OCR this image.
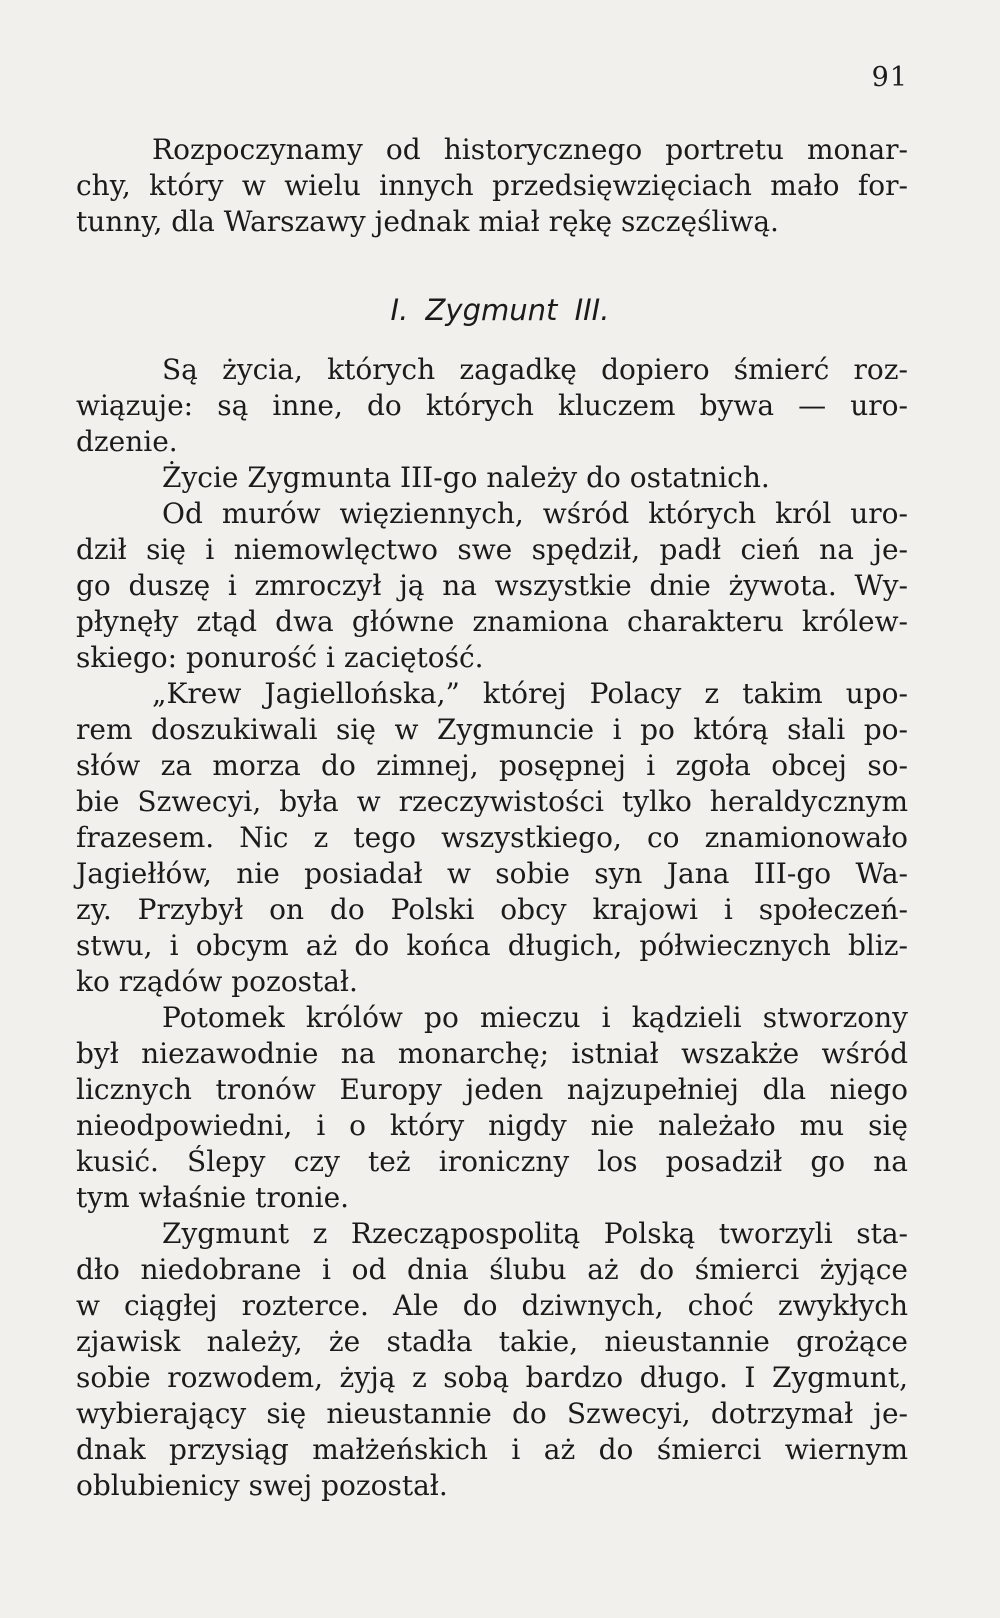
91
Rozpoczynamy od historycznego portretu monar-
chy, który w wielu innych przedsięwzięciach mało for-
tunny, dla Warszawy jednak miał rękę szczęśliwą.
I. Zygmunt III.
Są życia, których zagadkę dopiero śmierć roz-
wiązuje: są inne, do których kluczem bywa — uro-
dzenie.
Życie Zygmunta III-go należy do ostatnich.
Od murów więziennych, wśród których król uro-
dził się i niemowlęctwo swe spędził, padł cień na je-
go duszę i zmroczył ją na wszystkie dnie żywota. Wy-
płynęły ztąd dwa główne znamiona charakteru królew-
skiego: ponurość i zaciętość.
„Krew Jagiellońska,” której Polacy z takim upo-
rem doszukiwali się w Zygmuncie i po którą słali po-
słów za morza do zimnej, posępnej i zgoła obcej so-
bie Szwecyi, była w rzeczywistości tylko heraldycznym
frazesem. Nic z tego wszystkiego, co znamionowało
Jagiełłów, nie posiadał w sobie syn Jana III-go Wa-
zy. Przybył on do Polski obcy krajowi i społeczeń-
stwu, i obcym aż do końca długich, półwiecznych bliz-
ko rządów pozostał.
Potomek królów po mieczu i kądzieli stworzony
był niezawodnie na monarchę; istniał wszakże wśród
licznych tronów Europy jeden najzupełniej dla niego
nieodpowiedni, i o który nigdy nie należało mu się
kusić. Ślepy czy też ironiczny los posadził go na
tym właśnie tronie.
Zygmunt z Rzecząpospolitą Polską tworzyli sta-
dło niedobrane i od dnia ślubu aż do śmierci żyjące
w ciągłej rozterce. Ale do dziwnych, choć zwykłych
zjawisk należy, że stadła takie, nieustannie grożące
sobie rozwodem, żyją z sobą bardzo długo. I Zygmunt,
wybierający się nieustannie do Szwecyi, dotrzymał je-
dnak przysiąg małżeńskich i aż do śmierci wiernym
oblubienicy swej pozostał.
